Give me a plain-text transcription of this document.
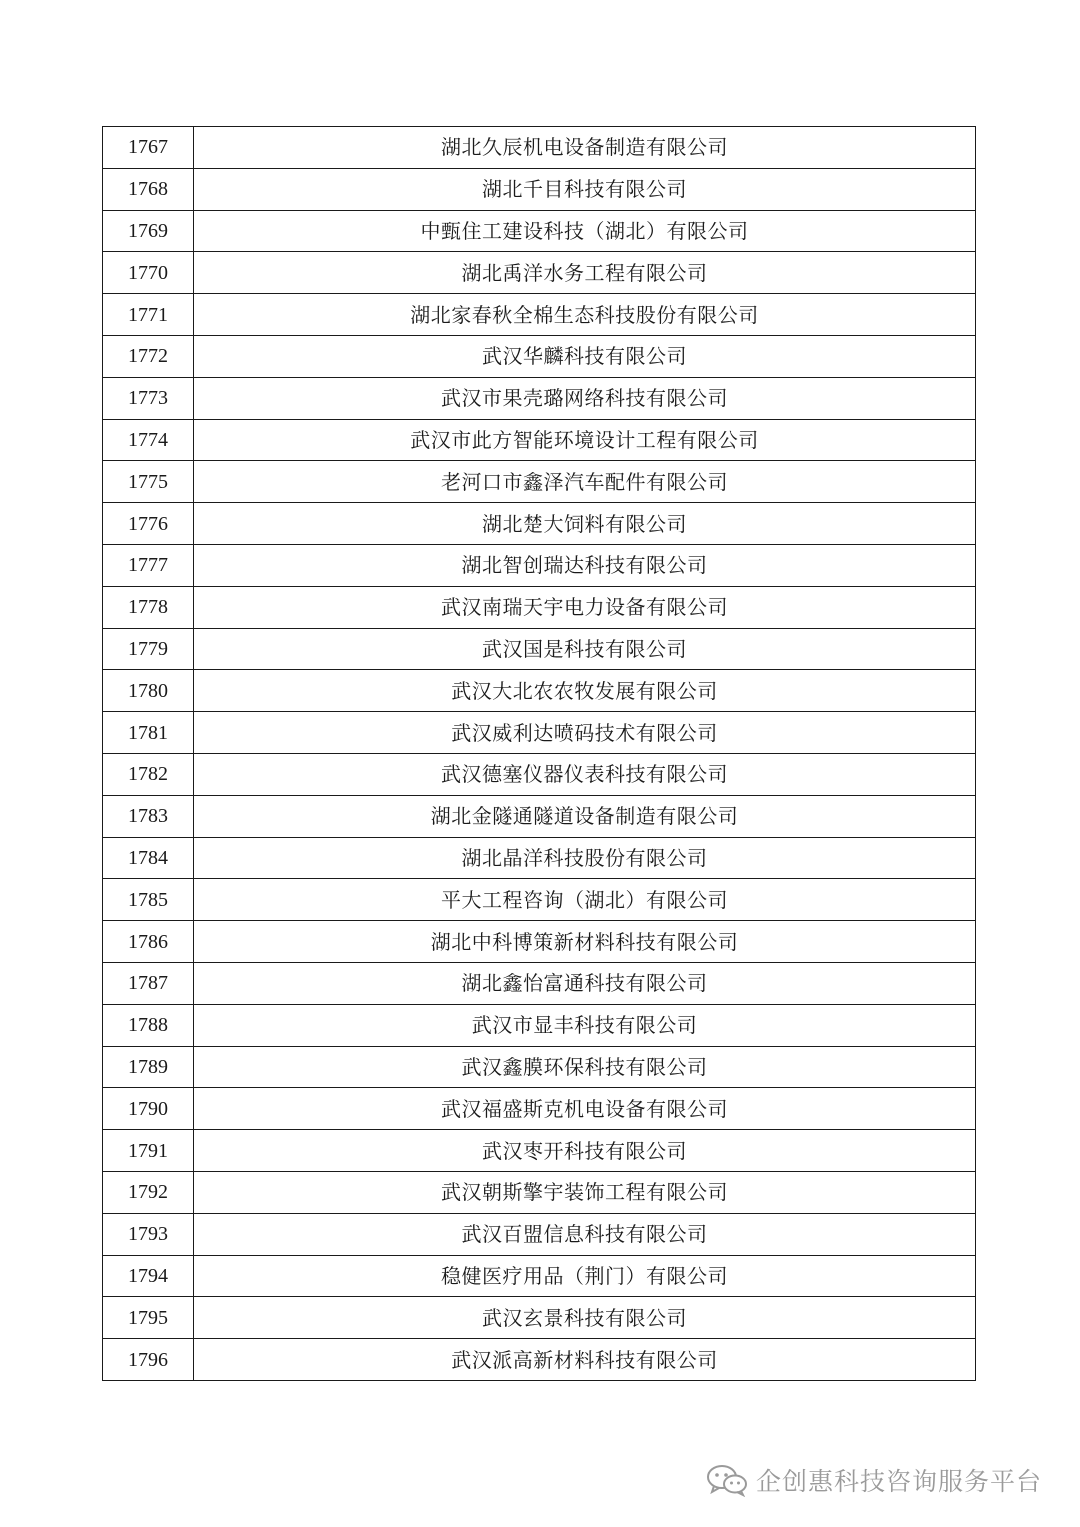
1767	湖北久辰机电设备制造有限公司
1768	湖北千目科技有限公司
1769	中甄住工建设科技（湖北）有限公司
1770	湖北禹洋水务工程有限公司
1771	湖北家春秋全棉生态科技股份有限公司
1772	武汉华麟科技有限公司
1773	武汉市果壳璐网络科技有限公司
1774	武汉市此方智能环境设计工程有限公司
1775	老河口市鑫泽汽车配件有限公司
1776	湖北楚大饲料有限公司
1777	湖北智创瑞达科技有限公司
1778	武汉南瑞天宇电力设备有限公司
1779	武汉国是科技有限公司
1780	武汉大北农农牧发展有限公司
1781	武汉威利达喷码技术有限公司
1782	武汉德塞仪器仪表科技有限公司
1783	湖北金隧通隧道设备制造有限公司
1784	湖北晶洋科技股份有限公司
1785	平大工程咨询（湖北）有限公司
1786	湖北中科博策新材料科技有限公司
1787	湖北鑫怡富通科技有限公司
1788	武汉市显丰科技有限公司
1789	武汉鑫膜环保科技有限公司
1790	武汉福盛斯克机电设备有限公司
1791	武汉枣开科技有限公司
1792	武汉朝斯擎宇装饰工程有限公司
1793	武汉百盟信息科技有限公司
1794	稳健医疗用品（荆门）有限公司
1795	武汉玄景科技有限公司
1796	武汉派高新材料科技有限公司
企创惠科技咨询服务平台
